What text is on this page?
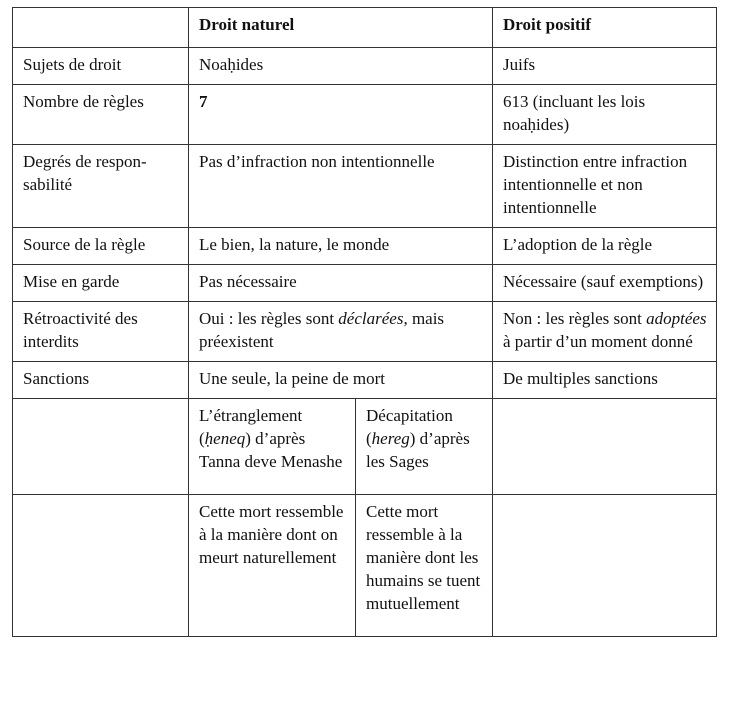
	Droit naturel		Droit positif
Sujets de droit	Noaḥides		Juifs
Nombre de règles	7		613 (incluant les lois noaḥides)
Degrés de responsabilité	Pas d’infraction non intentionnelle		Distinction entre infraction intentionnelle et non intentionnelle
Source de la règle	Le bien, la nature, le monde		L’adoption de la règle
Mise en garde	Pas nécessaire		Nécessaire (sauf exemptions)
Rétroactivité des interdits	Oui : les règles sont déclarées, mais préexistent		Non : les règles sont adoptées à partir d’un moment donné
Sanctions	Une seule, la peine de mort		De multiples sanctions
	L’étranglement (ḥeneq) d’après Tanna deve Menashe	Décapitation (hereg) d’après les Sages	
	Cette mort ressemble à la manière dont on meurt naturellement	Cette mort ressemble à la manière dont les humains se tuent mutuellement	
